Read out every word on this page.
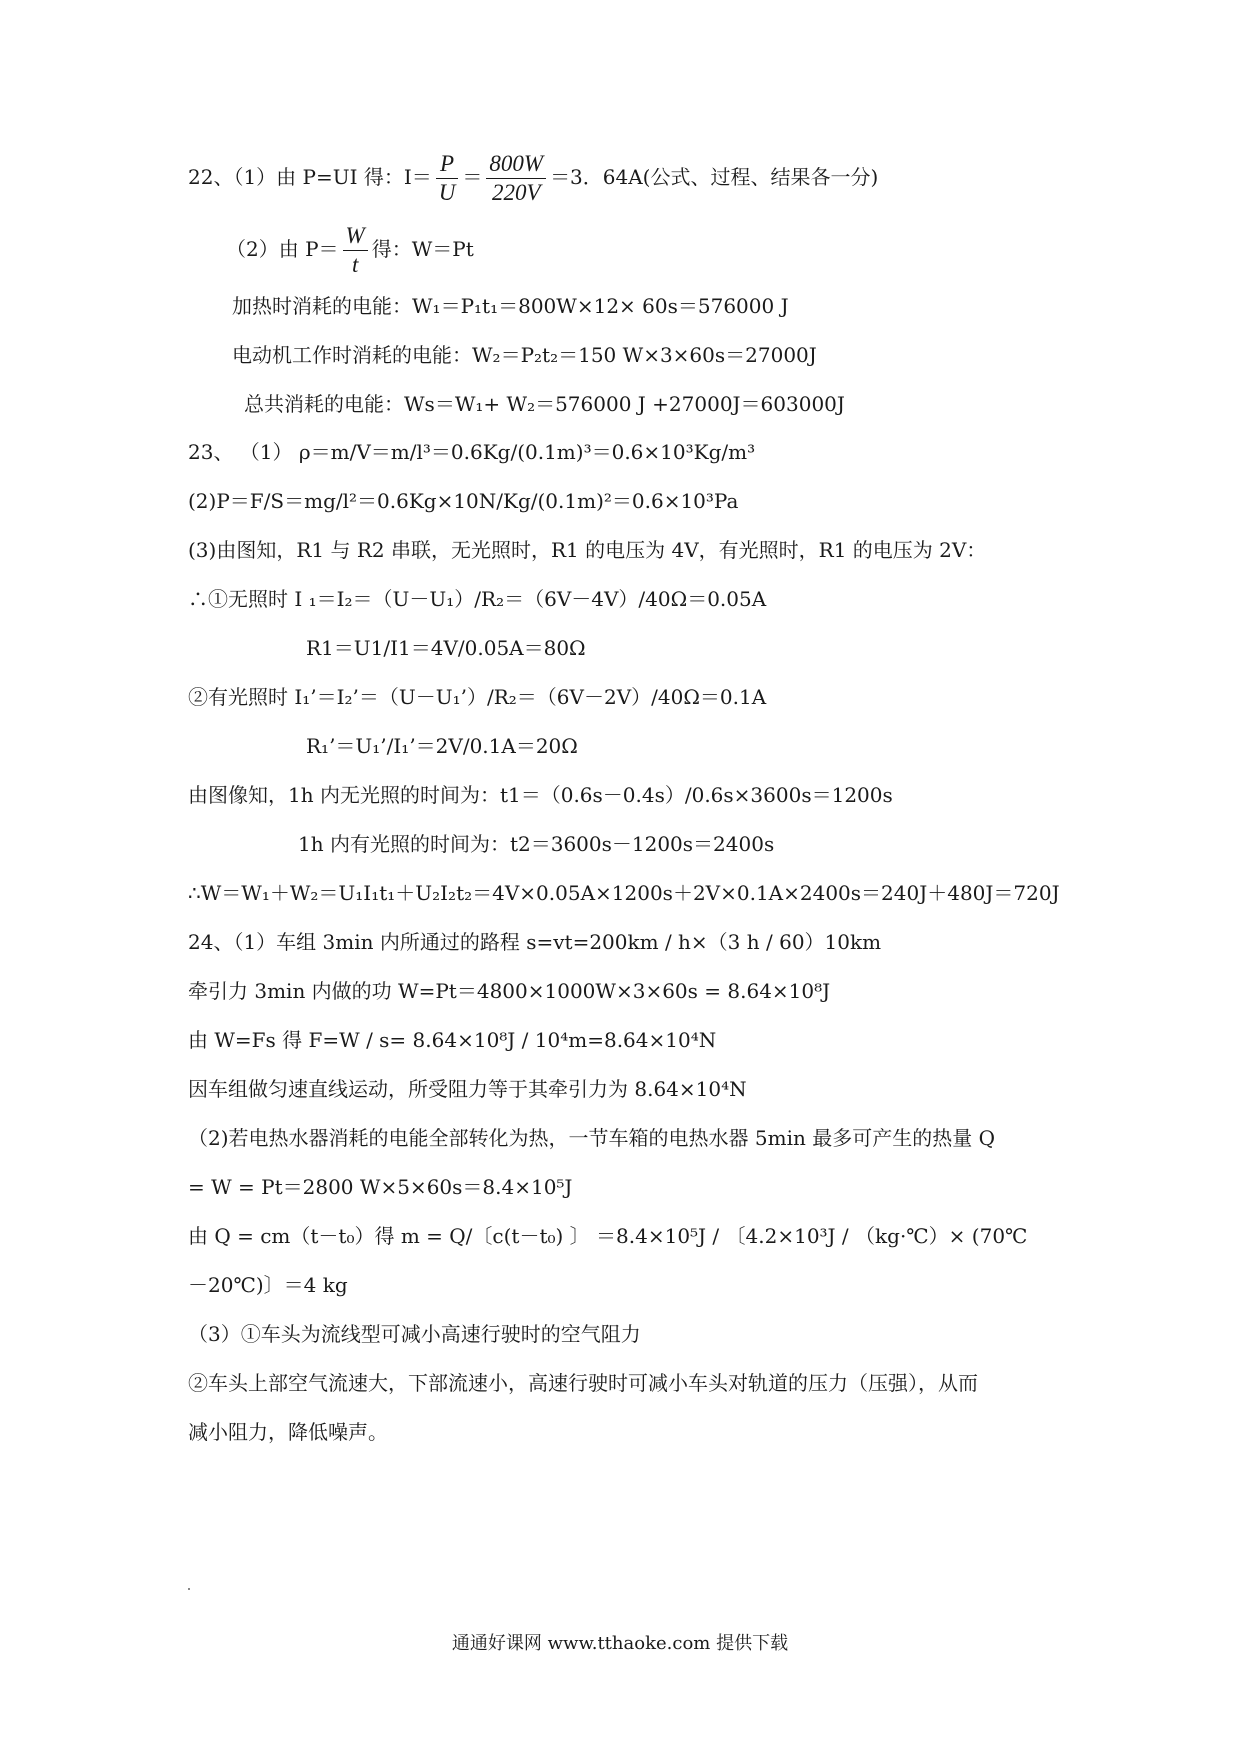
22、（1）由 P=UI 得：$I= \frac{P}{U} = \frac{800W}{220V} =3$．64A(公式、过程、结果各一分)
（2）由 $P= \frac{W}{t}$ 得：W＝Pt
加热时消耗的电能：W₁＝P₁t₁＝800W×12× 60s＝576000 J
电动机工作时消耗的电能：W₂＝P₂t₂＝150 W×3×60s＝27000J
总共消耗的电能：Ws＝W₁+ W₂＝576000 J +27000J＝603000J
23、 （1） ρ＝m/V＝m/l³＝0.6Kg/(0.1m)³＝0.6×10³Kg/m³
(2)P＝F/S＝mg/l²＝0.6Kg×10N/Kg/(0.1m)²＝0.6×10³Pa
(3)由图知，R1 与 R2 串联，无光照时，R1 的电压为 4V，有光照时，R1 的电压为 2V：
∴①无照时 I ₁＝I₂＝（U－U₁）/R₂＝（6V－4V）/40Ω＝0.05A
R1＝U1/I1＝4V/0.05A＝80Ω
②有光照时 I₁’＝I₂’＝（U－U₁’）/R₂＝（6V－2V）/40Ω＝0.1A
R₁’＝U₁’/I₁’＝2V/0.1A＝20Ω
由图像知，1h 内无光照的时间为：t1＝（0.6s－0.4s）/0.6s×3600s＝1200s
1h 内有光照的时间为：t2＝3600s－1200s＝2400s
∴W＝W₁＋W₂＝U₁I₁t₁＋U₂I₂t₂＝4V×0.05A×1200s＋2V×0.1A×2400s＝240J＋480J＝720J
24、（1）车组 3min 内所通过的路程 s=vt=200km / h×（3 h / 60）10km
牵引力 3min 内做的功 W=Pt＝4800×1000W×3×60s = 8.64×10⁸J
由 W=Fs 得 F=W / s= 8.64×10⁸J / 10⁴m=8.64×10⁴N
因车组做匀速直线运动，所受阻力等于其牵引力为 8.64×10⁴N
（2)若电热水器消耗的电能全部转化为热，一节车箱的电热水器 5min 最多可产生的热量 Q
= W = Pt＝2800 W×5×60s＝8.4×10⁵J
由 Q = cm（t－t₀）得 m = Q/〔c(t－t₀) 〕 ＝8.4×10⁵J / 〔4.2×10³J / （kg·℃）× (70℃
－20℃)〕＝4 kg
（3）①车头为流线型可减小高速行驶时的空气阻力
②车头上部空气流速大，下部流速小，高速行驶时可减小车头对轨道的压力（压强），从而
减小阻力，降低噪声。
通通好课网 www.tthaoke.com 提供下载
